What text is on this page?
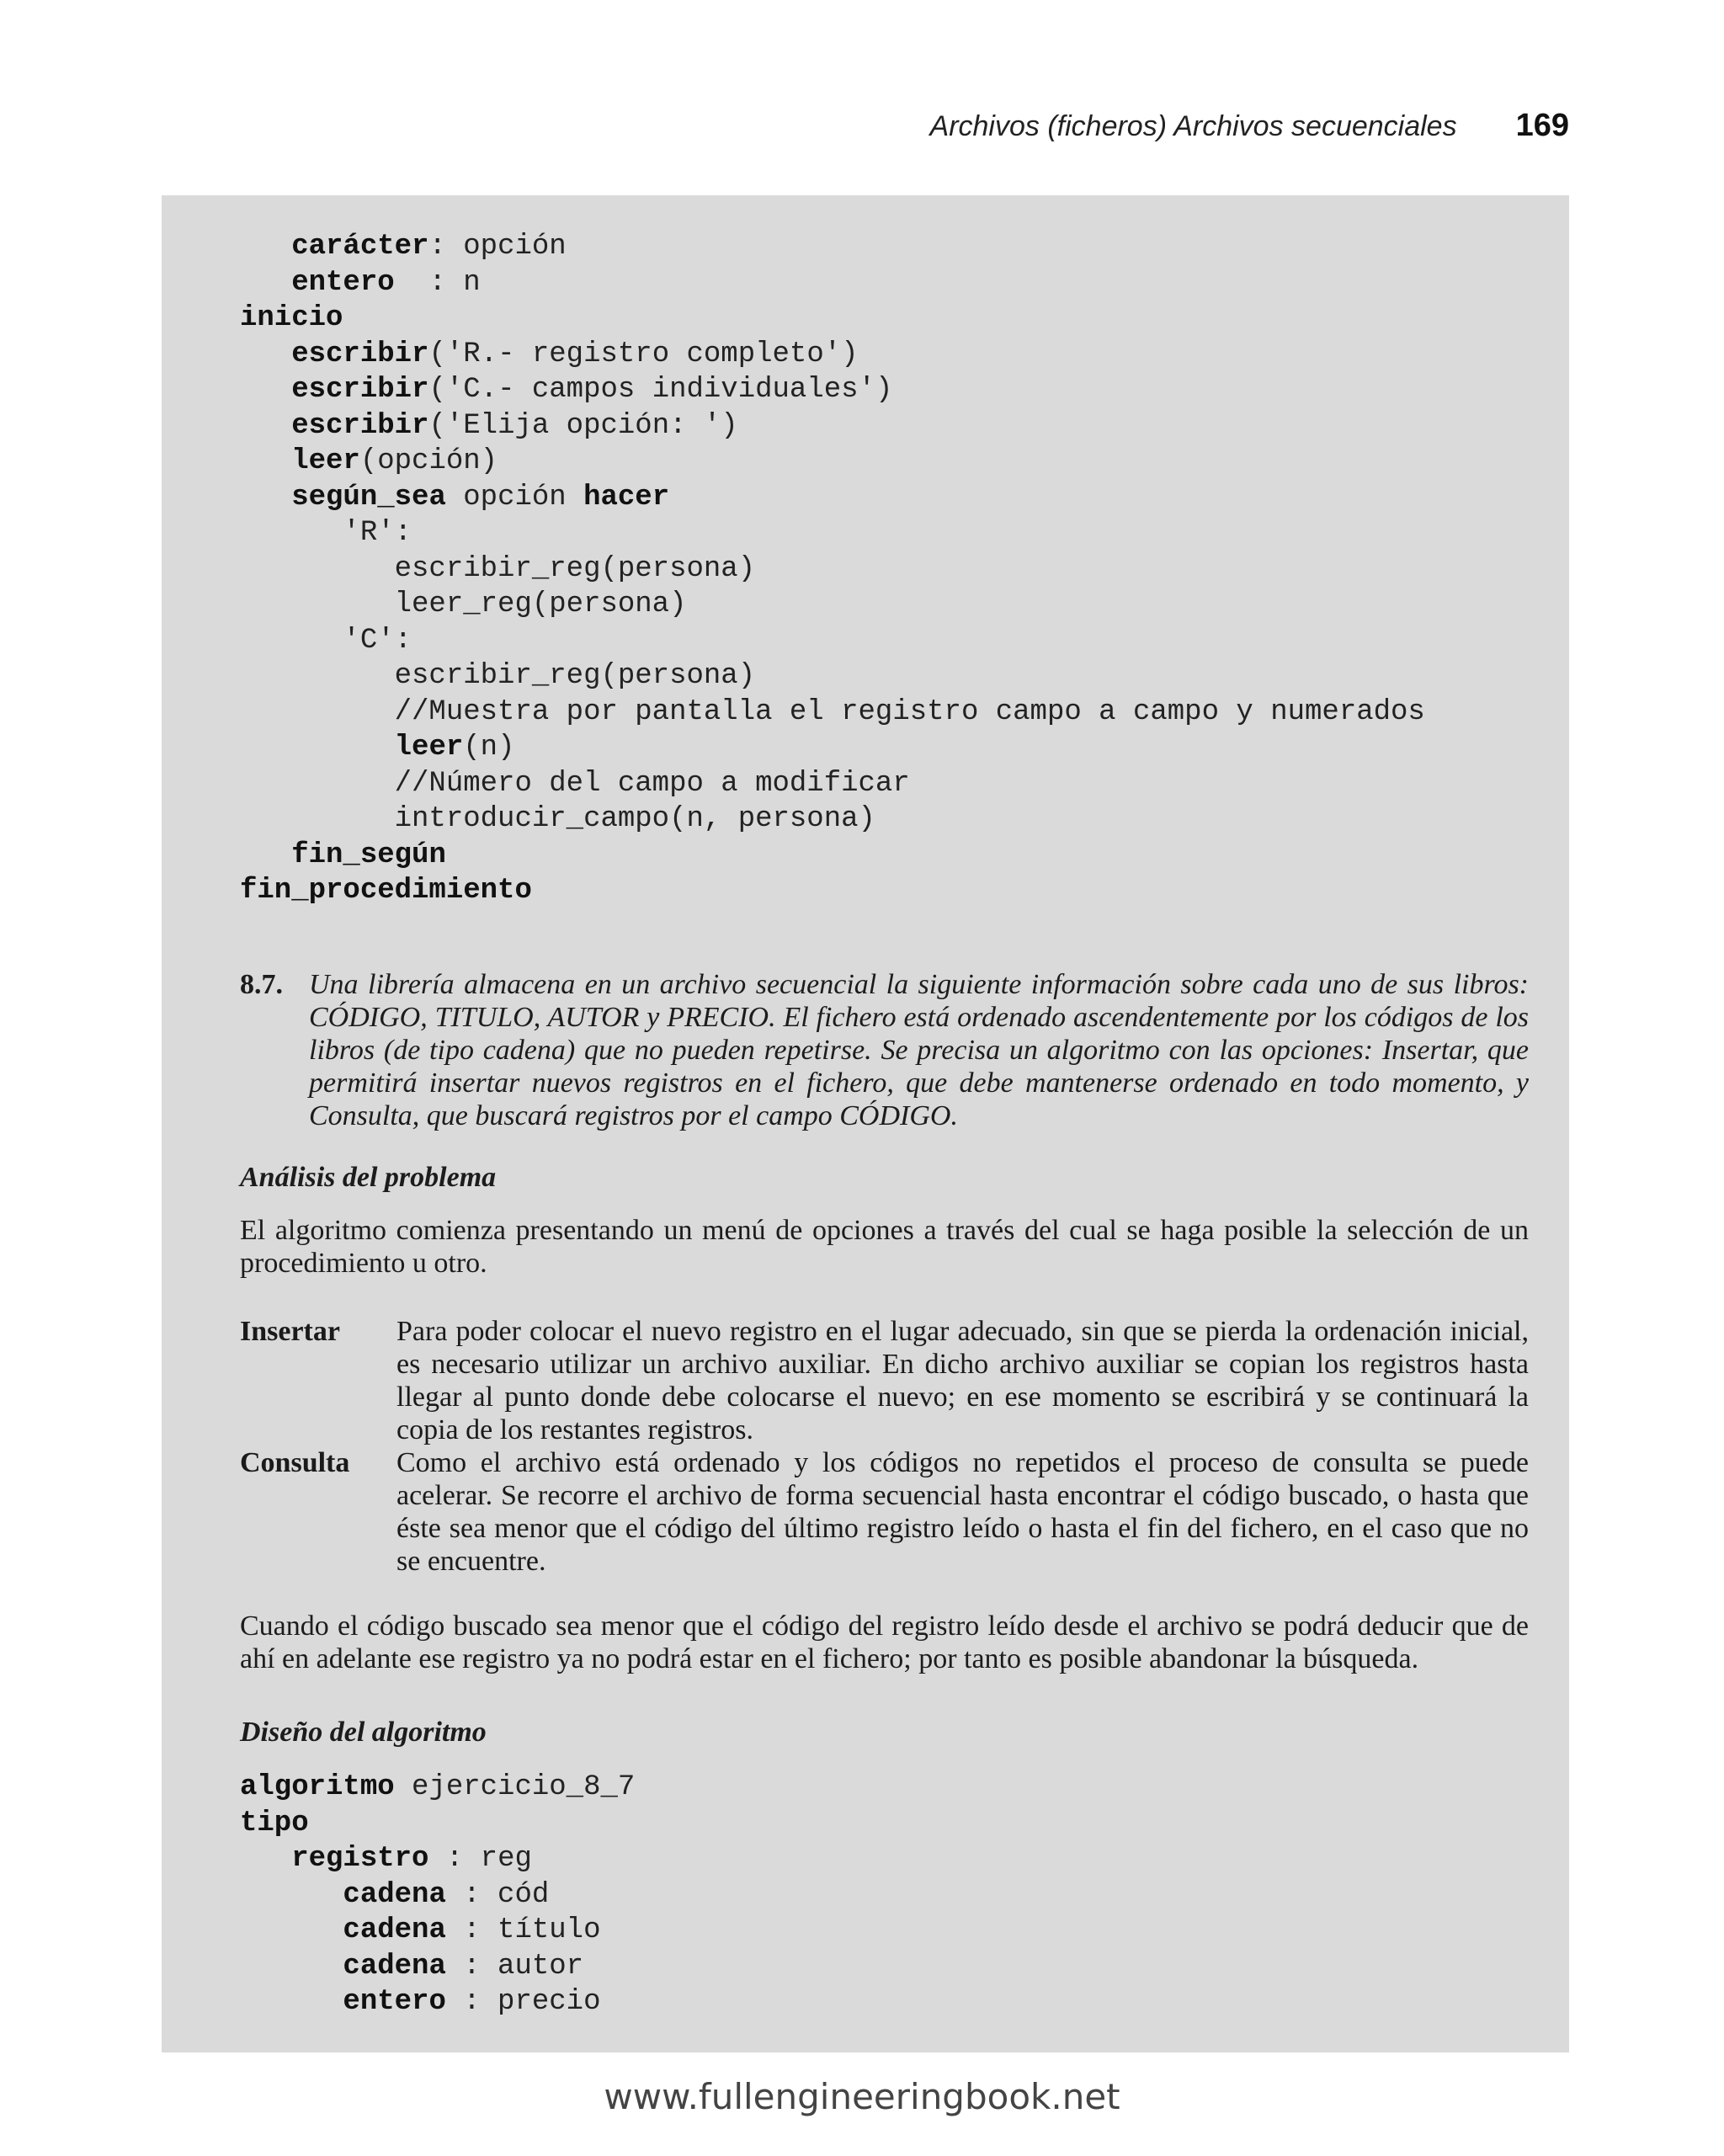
Archivos (ficheros) Archivos secuenciales 169
carácter: opción
entero  : n
inicio
escribir('R.- registro completo')
escribir('C.- campos individuales')
escribir('Elija opción: ')
leer(opción)
según_sea opción hacer
'R':
escribir_reg(persona)
leer_reg(persona)
'C':
escribir_reg(persona)
//Muestra por pantalla el registro campo a campo y numerados
leer(n)
//Número del campo a modificar
introducir_campo(n, persona)
fin_según
fin_procedimiento
8.7. Una librería almacena en un archivo secuencial la siguiente información sobre cada uno de sus libros: CÓDIGO, TITULO, AUTOR y PRECIO. El fichero está ordenado ascendentemente por los códigos de los libros (de tipo cadena) que no pueden repetirse. Se precisa un algoritmo con las opciones: Insertar, que permitirá insertar nuevos registros en el fichero, que debe mantenerse ordenado en todo momento, y Consulta, que buscará registros por el campo CÓDIGO.
Análisis del problema
El algoritmo comienza presentando un menú de opciones a través del cual se haga posible la selección de un procedimiento u otro.
Insertar	Para poder colocar el nuevo registro en el lugar adecuado, sin que se pierda la ordenación inicial, es necesario utilizar un archivo auxiliar. En dicho archivo auxiliar se copian los registros hasta llegar al punto donde debe colocarse el nuevo; en ese momento se escribirá y se continuará la copia de los restantes registros.
Consulta	Como el archivo está ordenado y los códigos no repetidos el proceso de consulta se puede acelerar. Se recorre el archivo de forma secuencial hasta encontrar el código buscado, o hasta que éste sea menor que el código del último registro leído o hasta el fin del fichero, en el caso que no se encuentre.
Cuando el código buscado sea menor que el código del registro leído desde el archivo se podrá deducir que de ahí en adelante ese registro ya no podrá estar en el fichero; por tanto es posible abandonar la búsqueda.
Diseño del algoritmo
algoritmo ejercicio_8_7
tipo
registro : reg
cadena : cód
cadena : título
cadena : autor
entero : precio
www.fullengineeringbook.net
